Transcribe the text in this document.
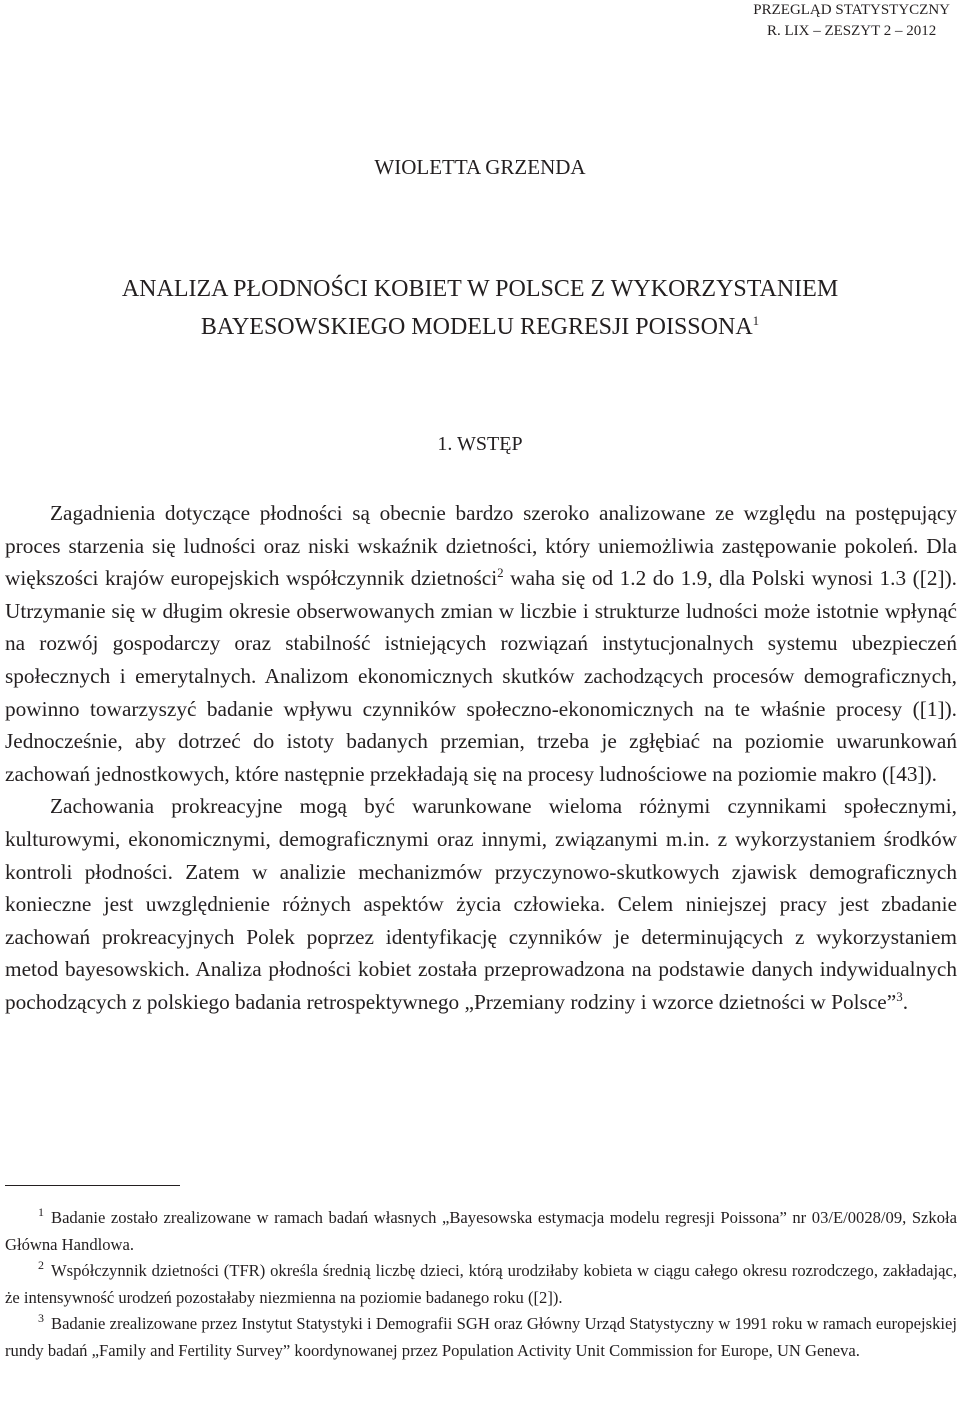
PRZEGLĄD STATYSTYCZNY
R. LIX – ZESZYT 2 – 2012
WIOLETTA GRZENDA
ANALIZA PŁODNOŚCI KOBIET W POLSCE Z WYKORZYSTANIEM
BAYESOWSKIEGO MODELU REGRESJI POISSONA$^1$
1. WSTĘP

Zagadnienia dotyczące płodności są obecnie bardzo szeroko analizowane ze względu na postępujący proces starzenia się ludności oraz niski wskaźnik dzietności, który uniemożliwia zastępowanie pokoleń. Dla większości krajów europejskich współczynnik dzietności$^2$ waha się od 1.2 do 1.9, dla Polski wynosi 1.3 ([2]). Utrzymanie się w długim okresie obserwowanych zmian w liczbie i strukturze ludności może istotnie wpłynąć na rozwój gospodarczy oraz stabilność istniejących rozwiązań instytucjonalnych systemu ubezpieczeń społecznych i emerytalnych. Analizom ekonomicznych skutków zachodzących procesów demograficznych, powinno towarzyszyć badanie wpływu czynników społeczno-ekonomicznych na te właśnie procesy ([1]). Jednocześnie, aby dotrzeć do istoty badanych przemian, trzeba je zgłębiać na poziomie uwarunkowań zachowań jednostkowych, które następnie przekładają się na procesy ludnościowe na poziomie makro ([43]).

Zachowania prokreacyjne mogą być warunkowane wieloma różnymi czynnikami społecznymi, kulturowymi, ekonomicznymi, demograficznymi oraz innymi, związanymi m.in. z wykorzystaniem środków kontroli płodności. Zatem w analizie mechanizmów przyczynowo-skutkowych zjawisk demograficznych konieczne jest uwzględnienie różnych aspektów życia człowieka. Celem niniejszej pracy jest zbadanie zachowań prokreacyjnych Polek poprzez identyfikację czynników je determinujących z wykorzystaniem metod bayesowskich. Analiza płodności kobiet została przeprowadzona na podstawie danych indywidualnych pochodzących z polskiego badania retrospektywnego „Przemiany rodziny i wzorce dzietności w Polsce”$^3$.

$^1$ Badanie zostało zrealizowane w ramach badań własnych „Bayesowska estymacja modelu regresji Poissona” nr 03/E/0028/09, Szkoła Główna Handlowa.

$^2$ Współczynnik dzietności (TFR) określa średnią liczbę dzieci, którą urodziłaby kobieta w ciągu całego okresu rozrodczego, zakładając, że intensywność urodzeń pozostałaby niezmienna na poziomie badanego roku ([2]).

$^3$ Badanie zrealizowane przez Instytut Statystyki i Demografii SGH oraz Główny Urząd Statystyczny w 1991 roku w ramach europejskiej rundy badań „Family and Fertility Survey” koordynowanej przez Population Activity Unit Commission for Europe, UN Geneva.
